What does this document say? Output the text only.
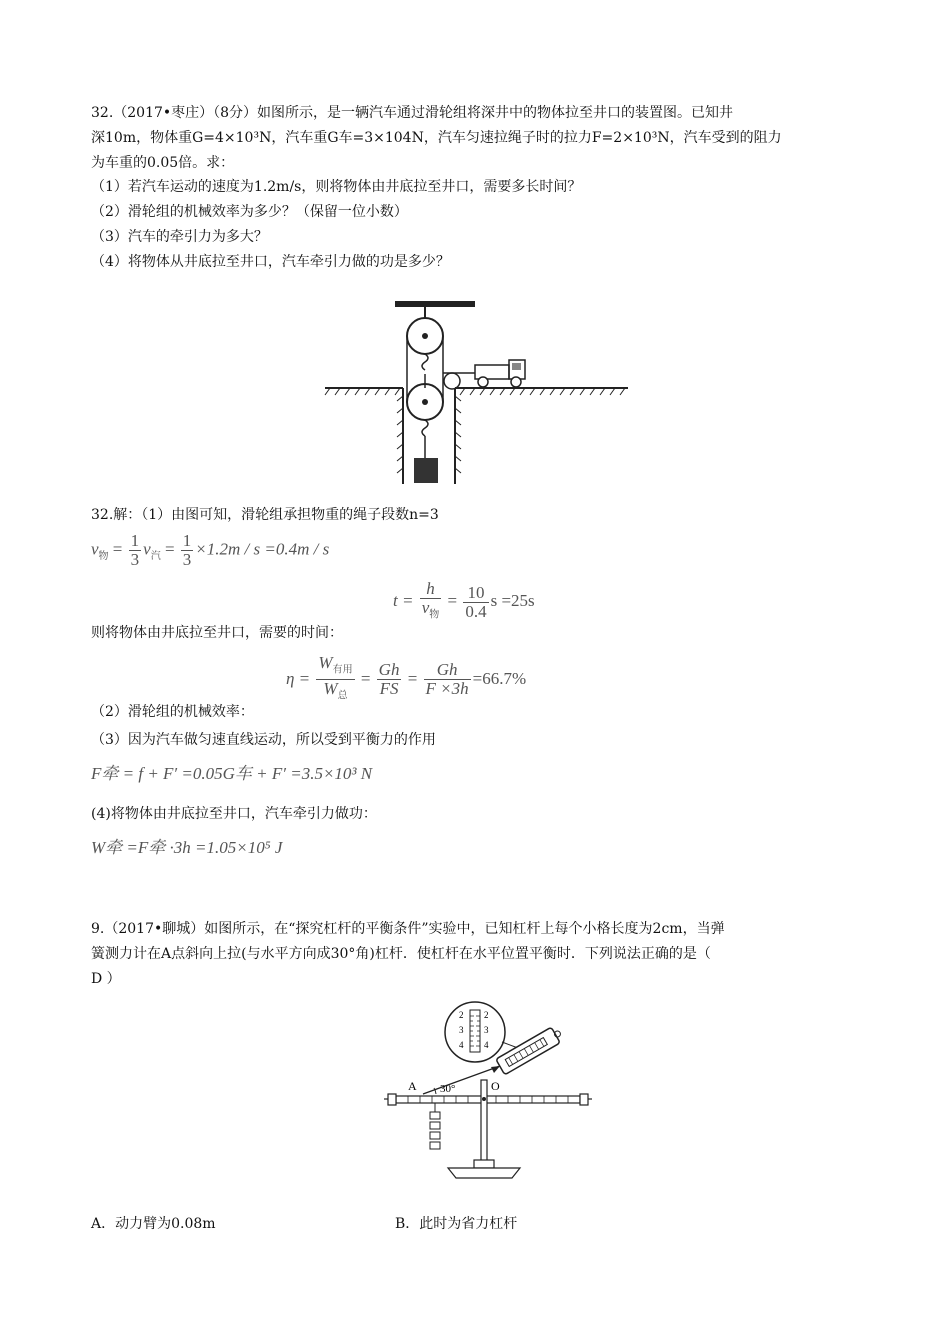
32.（2017•枣庄）（8分）如图所示，是一辆汽车通过滑轮组将深井中的物体拉至井口的装置图。已知井
深10m，物体重G=4×10³N，汽车重G车=3×104N，汽车匀速拉绳子时的拉力F=2×10³N，汽车受到的阻力
为车重的0.05倍。求：
（1）若汽车运动的速度为1.2m/s，则将物体由井底拉至井口，需要多长时间？
（2）滑轮组的机械效率为多少？（保留一位小数）
（3）汽车的牵引力为多大？
（4）将物体从井底拉至井口，汽车牵引力做的功是多少？
32.解：（1）由图可知，滑轮组承担物重的绳子段数n=3
$v_物 = \frac{1}{3} v_汽 = \frac{1}{3} \times 1.2m / s =0.4m / s$
$t = \frac{h}{v_物} = \frac{10}{0.4}$ s =25s
则将物体由井底拉至井口，需要的时间：
$\eta = \frac{W_{有用}}{W_总} = \frac{Gh}{FS} = \frac{Gh}{F \times 3h} =66.7\%$
（2）滑轮组的机械效率：
（3）因为汽车做匀速直线运动，所以受到平衡力的作用
F牵 = f + F′ =0.05G车 + F′ =3.5×10³ N
(4)将物体由井底拉至井口，汽车牵引力做功：
W牵 =F牵 ·3h =1.05×10⁵ J
9.（2017•聊城）如图所示，在“探究杠杆的平衡条件”实验中，已知杠杆上每个小格长度为2cm，当弹
簧测力计在A点斜向上拉(与水平方向成30°角)杠杆．使杠杆在水平位置平衡时．下列说法正确的是（
D ）
2
3
4
2
3
4
A 30°	O
A．动力臂为0.08m	B．此时为省力杠杆
